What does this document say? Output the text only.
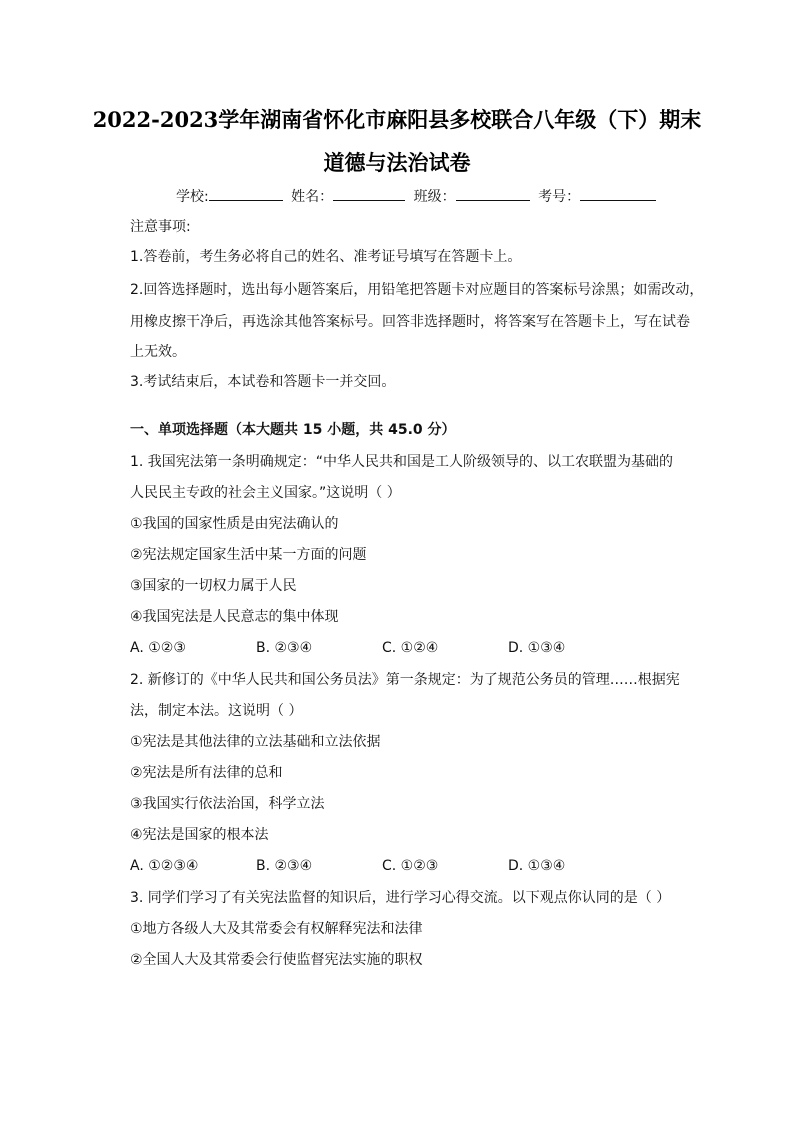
2022-2023学年湖南省怀化市麻阳县多校联合八年级（下）期末
道德与法治试卷
学校:	姓名：	班级：	考号：
注意事项:
1.答卷前，考生务必将自己的姓名、准考证号填写在答题卡上。
2.回答选择题时，选出每小题答案后，用铅笔把答题卡对应题目的答案标号涂黑；如需改动，
用橡皮擦干净后，再选涂其他答案标号。回答非选择题时，将答案写在答题卡上，写在试卷
上无效。
3.考试结束后，本试卷和答题卡一并交回。
一、单项选择题（本大题共 15 小题，共 45.0 分）
1. 我国宪法第一条明确规定：“中华人民共和国是工人阶级领导的、以工农联盟为基础的
人民民主专政的社会主义国家。”这说明（ ）
①我国的国家性质是由宪法确认的
②宪法规定国家生活中某一方面的问题
③国家的一切权力属于人民
④我国宪法是人民意志的集中体现
A. ①②③	B. ②③④	C. ①②④	D. ①③④
2. 新修订的《中华人民共和国公务员法》第一条规定：为了规范公务员的管理……根据宪
法，制定本法。这说明（ ）
①宪法是其他法律的立法基础和立法依据
②宪法是所有法律的总和
③我国实行依法治国，科学立法
④宪法是国家的根本法
A. ①②③④	B. ②③④	C. ①②③	D. ①③④
3. 同学们学习了有关宪法监督的知识后，进行学习心得交流。以下观点你认同的是（ ）
①地方各级人大及其常委会有权解释宪法和法律
②全国人大及其常委会行使监督宪法实施的职权
